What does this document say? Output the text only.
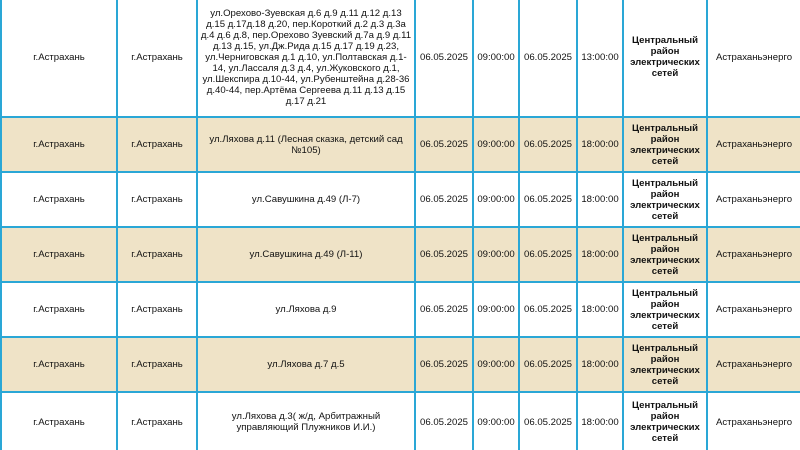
г.Астрахань	г.Астрахань	ул.Орехово-Зуевская д.6 д.9 д.11 д.12 д.13 д.15 д.17д.18 д.20, пер.Короткий д.2 д.3 д.3а д.4 д.6 д.8, пер.Орехово Зуевский д.7а д.9 д.11 д.13 д.15, ул.Дж.Рида д.15 д.17 д.19 д.23, ул.Черниговская д.1 д.10, ул.Полтавская д.1-14, ул.Лассаля д.3 д.4, ул.Жуковского д.1, ул.Шекспира д.10-44, ул.Рубенштейна д.28-36 д.40-44, пер.Артёма Сергеева д.11 д.13 д.15 д.17 д.21	06.05.2025	09:00:00	06.05.2025	13:00:00	Центральный район электрических сетей	Астраханьэнерго
г.Астрахань	г.Астрахань	ул.Ляхова д.11 (Лесная сказка, детский сад №105)	06.05.2025	09:00:00	06.05.2025	18:00:00	Центральный район электрических сетей	Астраханьэнерго
г.Астрахань	г.Астрахань	ул.Савушкина д.49 (Л-7)	06.05.2025	09:00:00	06.05.2025	18:00:00	Центральный район электрических сетей	Астраханьэнерго
г.Астрахань	г.Астрахань	ул.Савушкина д.49 (Л-11)	06.05.2025	09:00:00	06.05.2025	18:00:00	Центральный район электрических сетей	Астраханьэнерго
г.Астрахань	г.Астрахань	ул.Ляхова д.9	06.05.2025	09:00:00	06.05.2025	18:00:00	Центральный район электрических сетей	Астраханьэнерго
г.Астрахань	г.Астрахань	ул.Ляхова д.7 д.5	06.05.2025	09:00:00	06.05.2025	18:00:00	Центральный район электрических сетей	Астраханьэнерго
г.Астрахань	г.Астрахань	ул.Ляхова д.3( ж/д, Арбитражный управляющий Плужников И.И.)	06.05.2025	09:00:00	06.05.2025	18:00:00	Центральный район электрических сетей	Астраханьэнерго
